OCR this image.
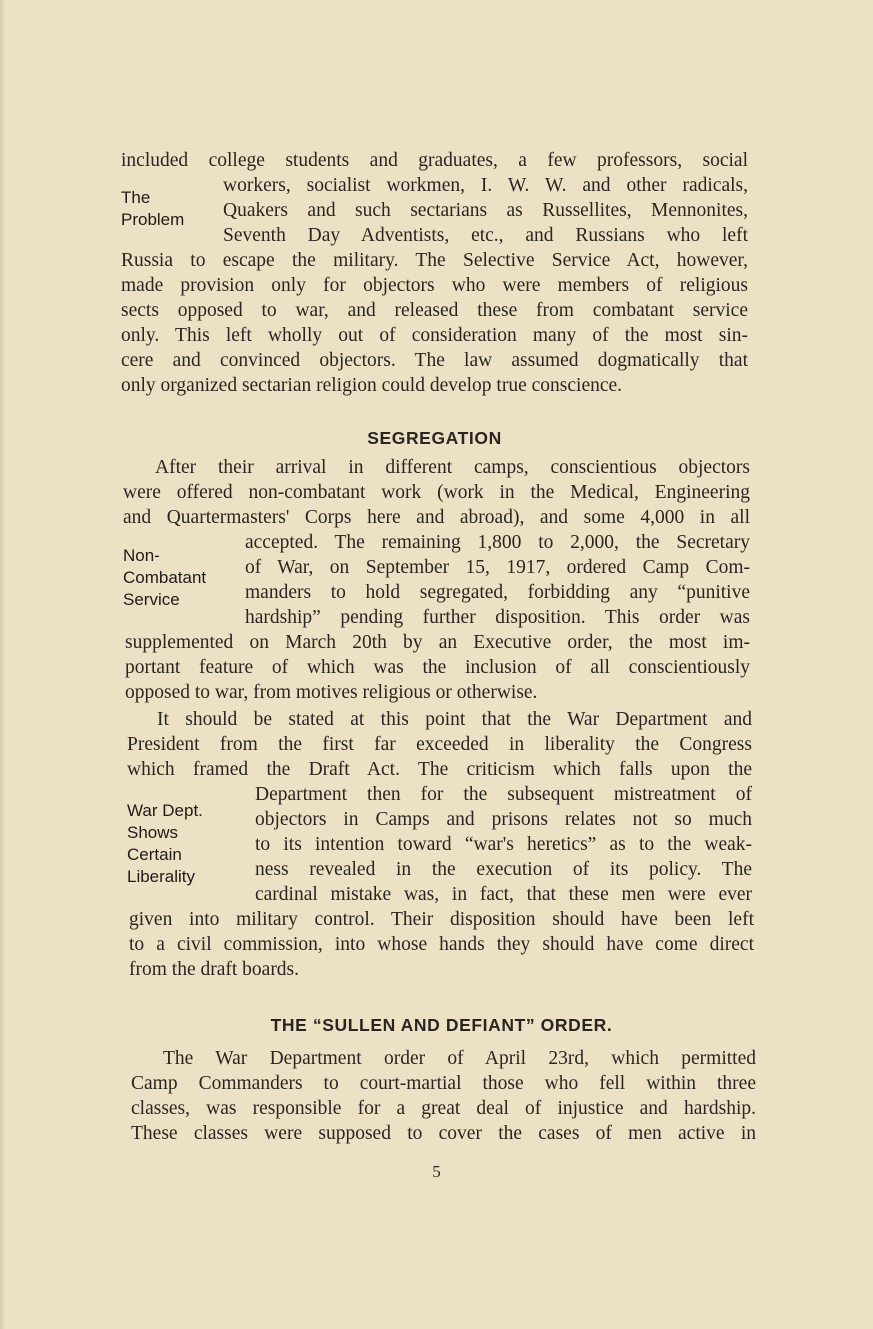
included college students and graduates, a few professors, social
workers, socialist workmen, I. W. W. and other radicals,
Quakers and such sectarians as Russellites, Mennonites,
Seventh Day Adventists, etc., and Russians who left
Russia to escape the military. The Selective Service Act, however,
made provision only for objectors who were members of religious
sects opposed to war, and released these from combatant service
only. This left wholly out of consideration many of the most sin-
cere and convinced objectors. The law assumed dogmatically that
only organized sectarian religion could develop true conscience.
The
Problem
SEGREGATION
After their arrival in different camps, conscientious objectors
were offered non-combatant work (work in the Medical, Engineering
and Quartermasters' Corps here and abroad), and some 4,000 in all
accepted. The remaining 1,800 to 2,000, the Secretary
of War, on September 15, 1917, ordered Camp Com-
manders to hold segregated, forbidding any “punitive
hardship” pending further disposition. This order was
supplemented on March 20th by an Executive order, the most im-
portant feature of which was the inclusion of all conscientiously
opposed to war, from motives religious or otherwise.
Non-
Combatant
Service
It should be stated at this point that the War Department and
President from the first far exceeded in liberality the Congress
which framed the Draft Act. The criticism which falls upon the
Department then for the subsequent mistreatment of
objectors in Camps and prisons relates not so much
to its intention toward “war's heretics” as to the weak-
ness revealed in the execution of its policy. The
cardinal mistake was, in fact, that these men were ever
given into military control. Their disposition should have been left
to a civil commission, into whose hands they should have come direct
from the draft boards.
War Dept.
Shows
Certain
Liberality
THE “SULLEN AND DEFIANT” ORDER.
The War Department order of April 23rd, which permitted
Camp Commanders to court-martial those who fell within three
classes, was responsible for a great deal of injustice and hardship.
These classes were supposed to cover the cases of men active in
5
